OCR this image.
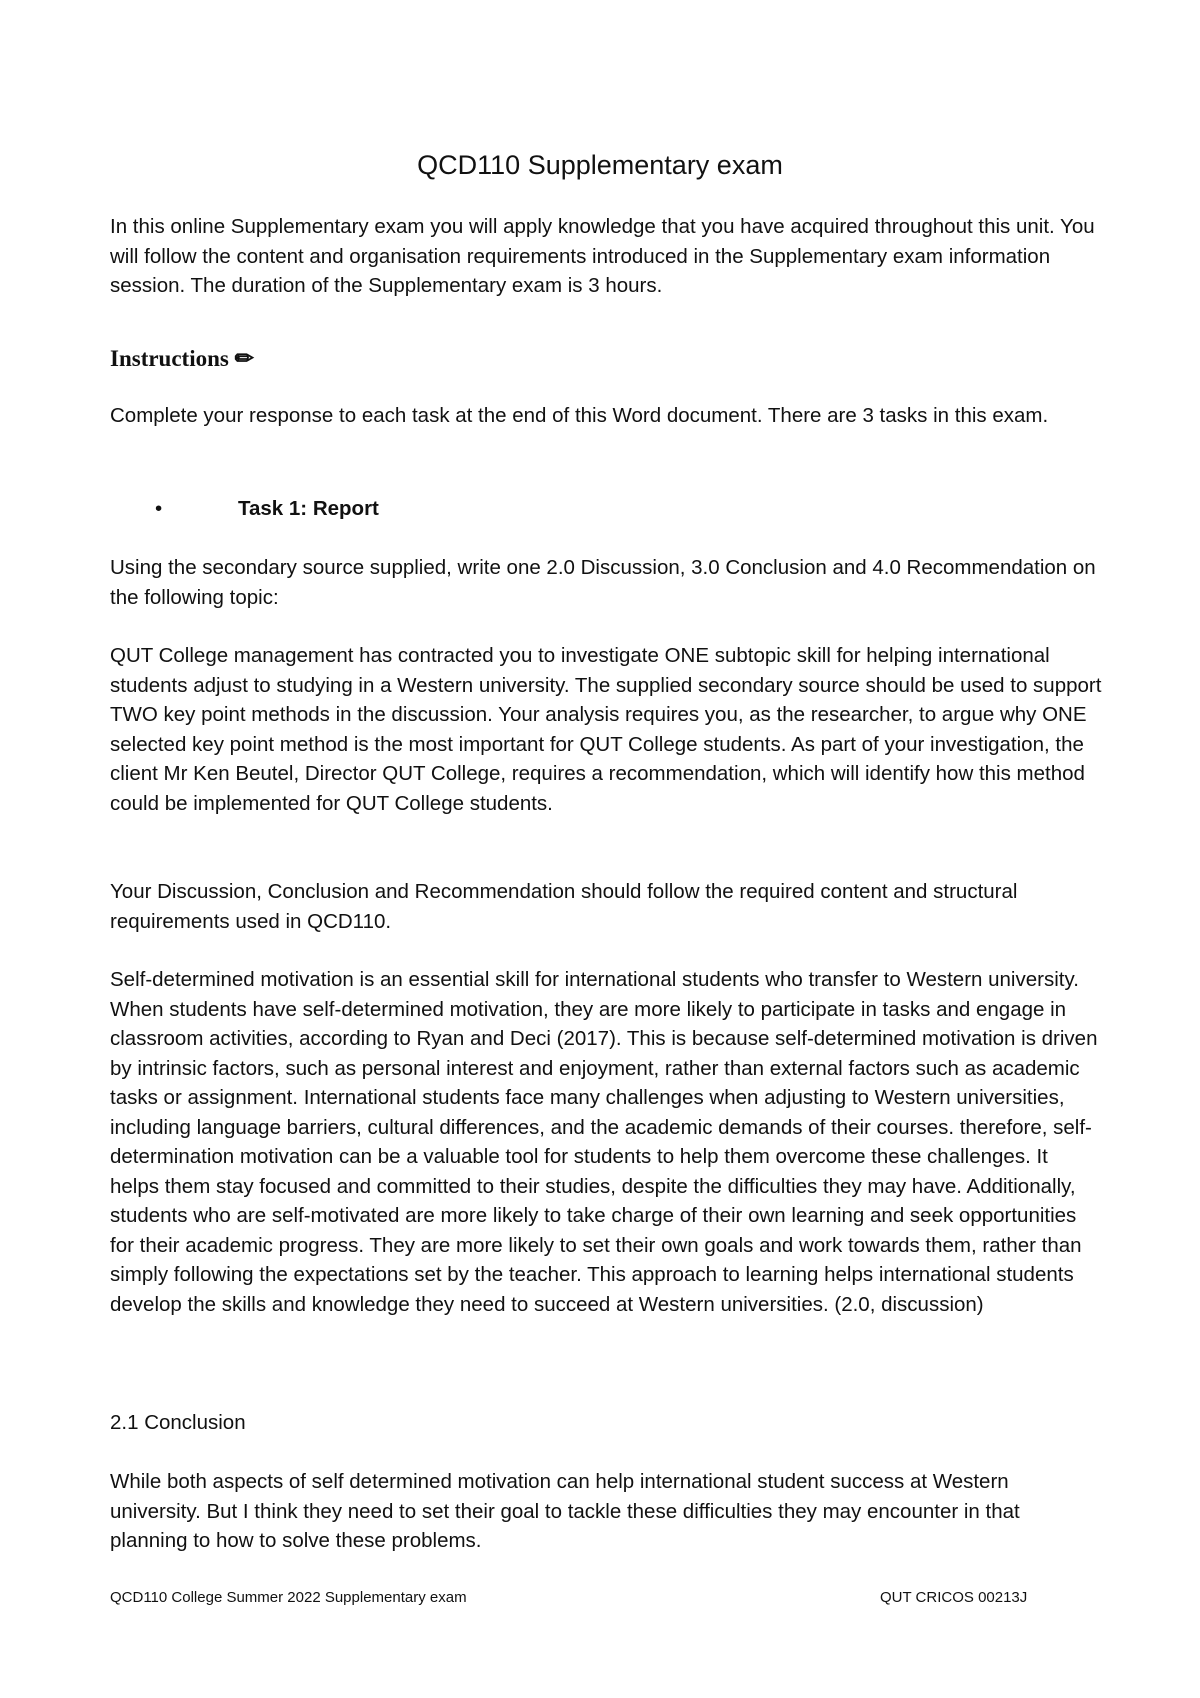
QCD110 Supplementary exam

In this online Supplementary exam you will apply knowledge that you have acquired throughout this unit. You will follow the content and organisation requirements introduced in the Supplementary exam information session. The duration of the Supplementary exam is 3 hours.

Instructions ✏

Complete your response to each task at the end of this Word document. There are 3 tasks in this exam.

•	Task 1: Report

Using the secondary source supplied, write one 2.0 Discussion, 3.0 Conclusion and 4.0 Recommendation on the following topic:

QUT College management has contracted you to investigate ONE subtopic skill for helping international students adjust to studying in a Western university. The supplied secondary source should be used to support TWO key point methods in the discussion. Your analysis requires you, as the researcher, to argue why ONE selected key point method is the most important for QUT College students. As part of your investigation, the client Mr Ken Beutel, Director QUT College, requires a recommendation, which will identify how this method could be implemented for QUT College students.

Your Discussion, Conclusion and Recommendation should follow the required content and structural requirements used in QCD110.

Self-determined motivation is an essential skill for international students who transfer to Western university. When students have self-determined motivation, they are more likely to participate in tasks and engage in classroom activities, according to Ryan and Deci (2017). This is because self-determined motivation is driven by intrinsic factors, such as personal interest and enjoyment, rather than external factors such as academic tasks or assignment. International students face many challenges when adjusting to Western universities, including language barriers, cultural differences, and the academic demands of their courses. therefore, self-determination motivation can be a valuable tool for students to help them overcome these challenges. It helps them stay focused and committed to their studies, despite the difficulties they may have. Additionally, students who are self-motivated are more likely to take charge of their own learning and seek opportunities for their academic progress. They are more likely to set their own goals and work towards them, rather than simply following the expectations set by the teacher. This approach to learning helps international students develop the skills and knowledge they need to succeed at Western universities. (2.0, discussion)

2.1 Conclusion

While both aspects of self determined motivation can help international student success at Western university. But I think they need to set their goal to tackle these difficulties they may encounter in that planning to how to solve these problems.

QCD110 College Summer 2022 Supplementary exam	QUT CRICOS 00213J
